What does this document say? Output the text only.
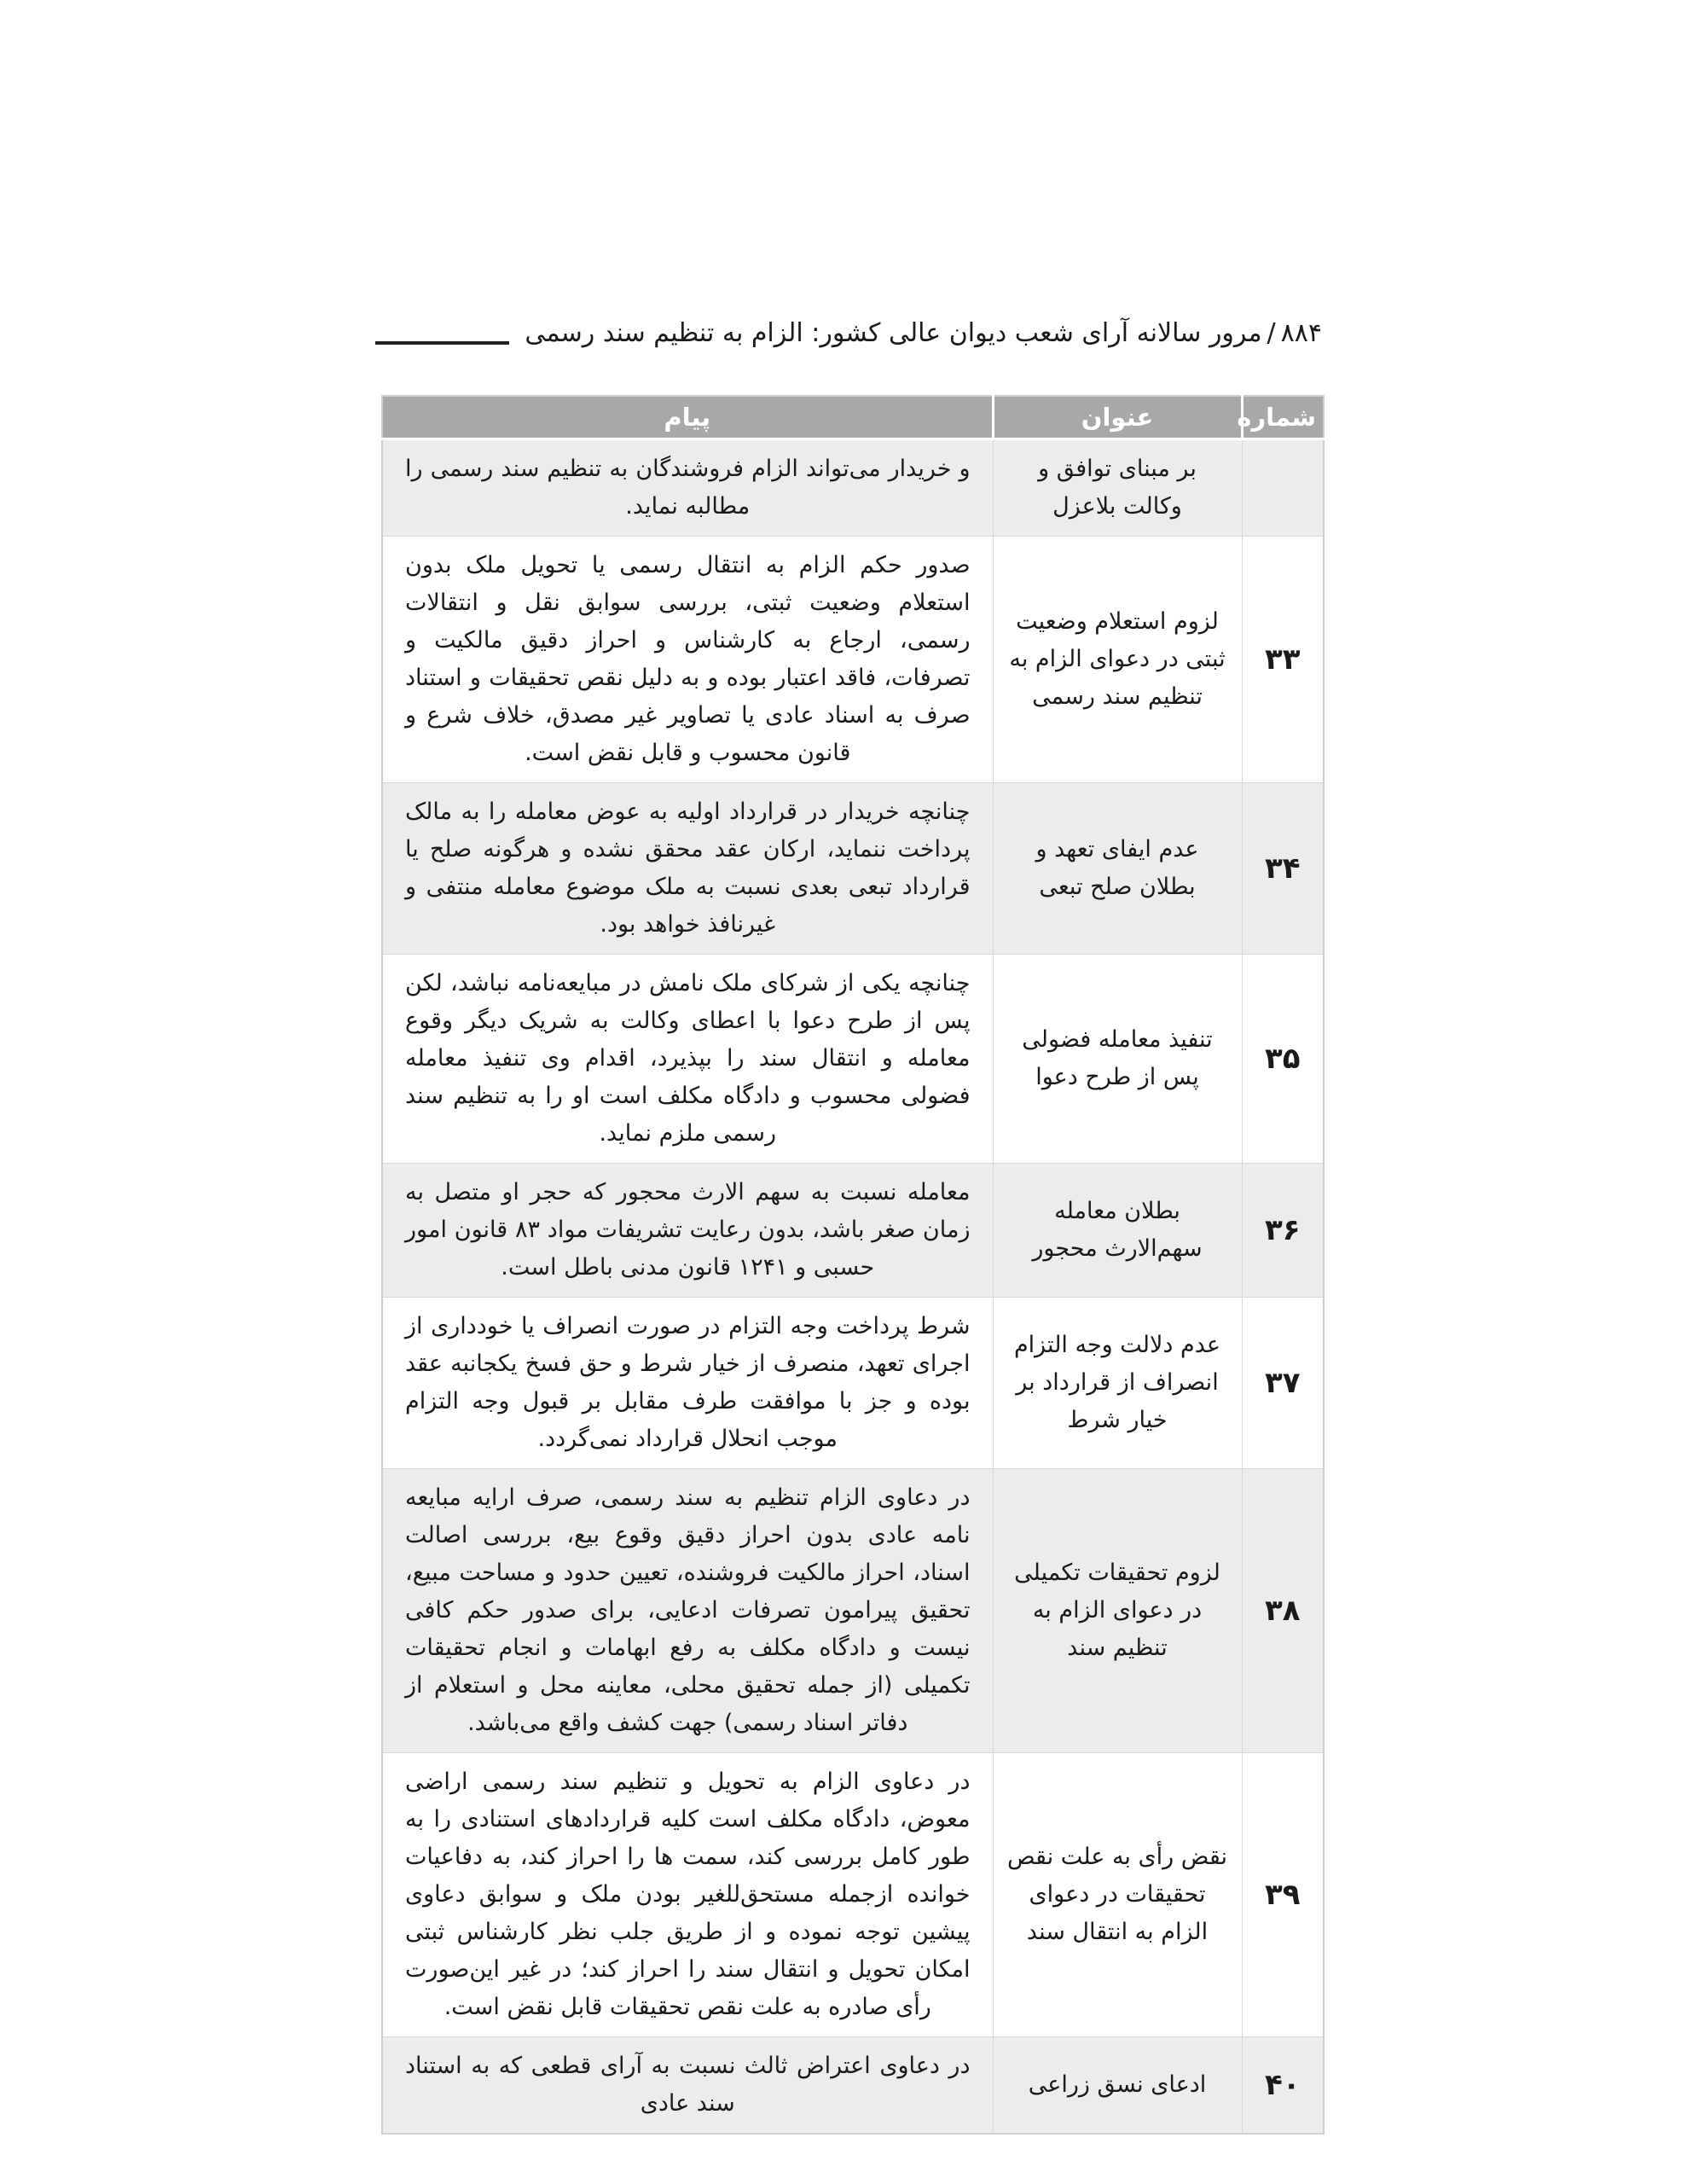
۸۸۴
/
مرور سالانه آرای شعب دیوان عالی کشور: الزام به تنظیم سند رسمی
شماره	عنوان	پیام
	بر مبنای توافق و وکالت بلاعزل	و خریدار می‌تواند الزام فروشندگان به تنظیم سند رسمی را مطالبه نماید.
۳۳	لزوم استعلام وضعیت ثبتی در دعوای الزام به تنظیم سند رسمی	صدور حکم الزام به انتقال رسمی یا تحویل ملک بدون استعلام وضعیت ثبتی، بررسی سوابق نقل و انتقالات رسمی، ارجاع به کارشناس و احراز دقیق مالکیت و تصرفات، فاقد اعتبار بوده و به دلیل نقص تحقیقات و استناد صرف به اسناد عادی یا تصاویر غیر مصدق، خلاف شرع و قانون محسوب و قابل نقض است.
۳۴	عدم ایفای تعهد و بطلان صلح تبعی	چنانچه خریدار در قرارداد اولیه به عوض معامله را به مالک پرداخت ننماید، ارکان عقد محقق نشده و هرگونه صلح یا قرارداد تبعی بعدی نسبت به ملک موضوع معامله منتفی و غیرنافذ خواهد بود.
۳۵	تنفیذ معامله فضولی پس از طرح دعوا	چنانچه یکی از شرکای ملک نامش در مبایعه‌نامه نباشد، لکن پس از طرح دعوا با اعطای وکالت به شریک دیگر وقوع معامله و انتقال سند را بپذیرد، اقدام وی تنفیذ معامله فضولی محسوب و دادگاه مکلف است او را به تنظیم سند رسمی ملزم نماید.
۳۶	بطلان معامله سهم‌الارث محجور	معامله نسبت به سهم الارث محجور که حجر او متصل به زمان صغر باشد، بدون رعایت تشریفات مواد ۸۳ قانون امور حسبی و ۱۲۴۱ قانون مدنی باطل است.
۳۷	عدم دلالت وجه التزام انصراف از قرارداد بر خیار شرط	شرط پرداخت وجه التزام در صورت انصراف یا خودداری از اجرای تعهد، منصرف از خیار شرط و حق فسخ یکجانبه عقد بوده و جز با موافقت طرف مقابل بر قبول وجه التزام موجب انحلال قرارداد نمی‌گردد.
۳۸	لزوم تحقیقات تکمیلی در دعوای الزام به تنظیم سند	در دعاوی الزام تنظیم به سند رسمی، صرف ارایه مبایعه نامه عادی بدون احراز دقیق وقوع بیع، بررسی اصالت اسناد، احراز مالکیت فروشنده، تعیین حدود و مساحت مبیع، تحقیق پیرامون تصرفات ادعایی، برای صدور حکم کافی نیست و دادگاه مکلف به رفع ابهامات و انجام تحقیقات تکمیلی (از جمله تحقیق محلی، معاینه محل و استعلام از دفاتر اسناد رسمی) جهت کشف واقع می‌باشد.
۳۹	نقض رأی به علت نقص تحقیقات در دعوای الزام به انتقال سند	در دعاوی الزام به تحویل و تنظیم سند رسمی اراضی معوض، دادگاه مکلف است کلیه قراردادهای استنادی را به طور کامل بررسی کند، سمت ها را احراز کند، به دفاعیات خوانده ازجمله مستحق‌للغیر بودن ملک و سوابق دعاوی پیشین توجه نموده و از طریق جلب نظر کارشناس ثبتی امکان تحویل و انتقال سند را احراز کند؛ در غیر این‌صورت رأی صادره به علت نقص تحقیقات قابل نقض است.
۴۰	ادعای نسق زراعی	در دعاوی اعتراض ثالث نسبت به آرای قطعی که به استناد سند عادی
